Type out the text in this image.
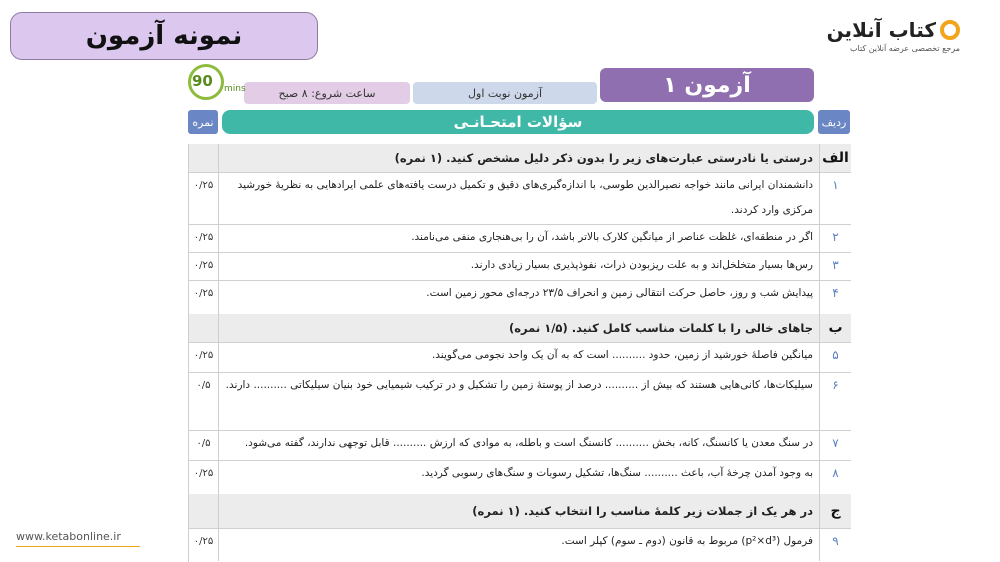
نمونه آزمون	کتاب آنلاین
مرجع تخصصی عرضه آنلاین کتاب
آزمون ۱
آزمون نوبت اول
ساعت شروع: ۸ صبح
90 mins
ردیف
نمره	سؤالات امتحـانـی
الف
درستی یا نادرستی عبارت‌های زیر را بدون ذکر دلیل مشخص کنید. (۱ نمره)
۱
دانشمندان ایرانی مانند خواجه نصیرالدین طوسی، با اندازه‌گیری‌های دقیق و تکمیل درست یافته‌های علمی ایرادهایی به نظریهٔ خورشید مرکزی وارد کردند.
۰/۲۵
۲
اگر در منطقه‌ای، غلظت عناصر از میانگین کلارک بالاتر باشد، آن را بی‌هنجاری منفی می‌نامند.
۰/۲۵
۳
رس‌ها بسیار متخلخل‌اند و به علت ریزبودن ذرات، نفوذپذیری بسیار زیادی دارند.
۰/۲۵
۴
پیدایش شب و روز، حاصل حرکت انتقالی زمین و انحراف ۲۳/۵ درجه‌ای محور زمین است.
۰/۲۵
ب
جاهای خالی را با کلمات مناسب کامل کنید. (۱/۵ نمره)
۵
میانگین فاصلهٔ خورشید از زمین، حدود .......... است که به آن یک واحد نجومی می‌گویند.
۰/۲۵
۶
سیلیکات‌ها، کانی‌هایی هستند که بیش از .......... درصد از پوستهٔ زمین را تشکیل و در ترکیب شیمیایی خود بنیان سیلیکاتی .......... دارند.
۰/۵
۷
در سنگ معدن یا کانسنگ، کانه، بخش .......... کانسنگ است و باطله، به موادی که ارزش .......... قابل توجهی ندارند، گفته می‌شود.
۰/۵
۸
به وجود آمدن چرخهٔ آب، باعث .......... سنگ‌ها، تشکیل رسوبات و سنگ‌های رسوبی گردید.
۰/۲۵
ج
در هر یک از جملات زیر کلمهٔ مناسب را انتخاب کنید. (۱ نمره)
۹
فرمول (p²×d³) مربوط به قانون (دوم ـ سوم) کپلر است.
۰/۲۵
www.ketabonline.ir
